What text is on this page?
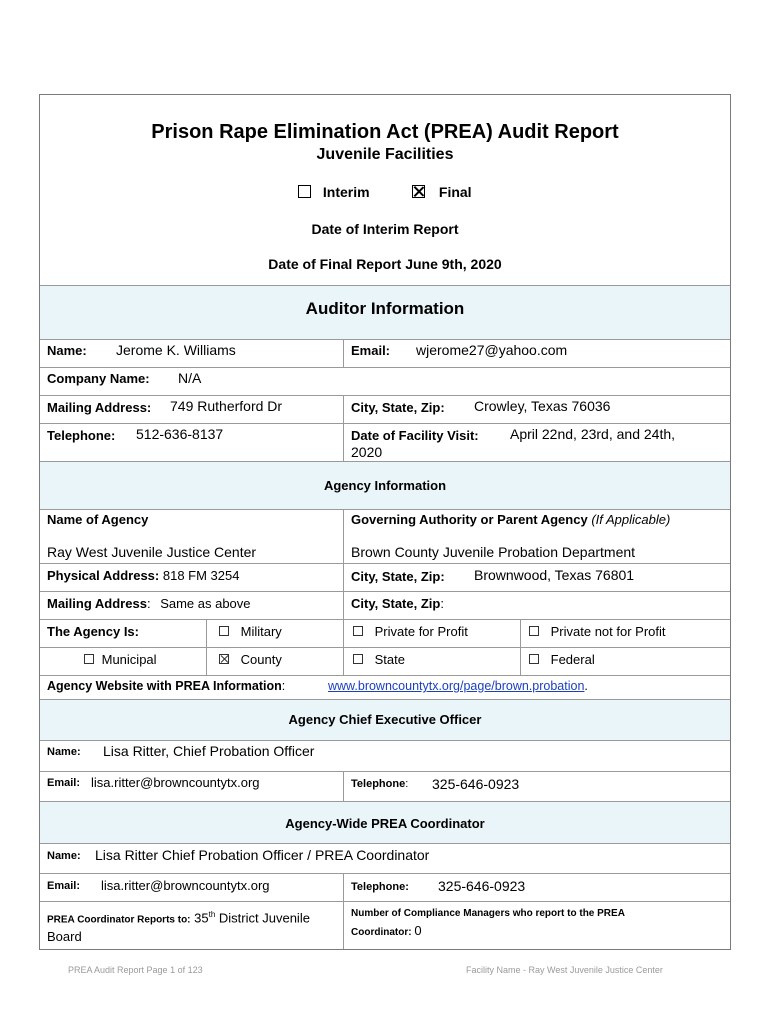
Prison Rape Elimination Act (PREA) Audit Report
Juvenile Facilities
Interim	Final
Date of Interim Report
Date of Final Report June 9th, 2020
Auditor Information
Name: Jerome K. Williams	Email: wjerome27@yahoo.com
Company Name: N/A
Mailing Address: 749 Rutherford Dr	City, State, Zip: Crowley, Texas 76036
Telephone: 512-636-8137	Date of Facility Visit: April 22nd, 23rd, and 24th,
2020
Agency Information
Name of Agency
Ray West Juvenile Justice Center
Governing Authority or Parent Agency (If Applicable)
Brown County Juvenile Probation Department
Physical Address: 818 FM 3254	City, State, Zip: Brownwood, Texas 76801
Mailing Address: Same as above	City, State, Zip:
The Agency Is:	Military	Private for Profit	Private not for Profit
Municipal	County	State	Federal
Agency Website with PREA Information:	www.browncountytx.org/page/brown.probation.
Agency Chief Executive Officer
Name: Lisa Ritter, Chief Probation Officer
Email: lisa.ritter@browncountytx.org	Telephone: 325-646-0923
Agency-Wide PREA Coordinator
Name: Lisa Ritter Chief Probation Officer / PREA Coordinator
Email: lisa.ritter@browncountytx.org	Telephone: 325-646-0923
PREA Coordinator Reports to: 35th District Juvenile
Board
Number of Compliance Managers who report to the PREA
Coordinator: 0
PREA Audit Report Page 1 of 123	Facility Name - Ray West Juvenile Justice Center
